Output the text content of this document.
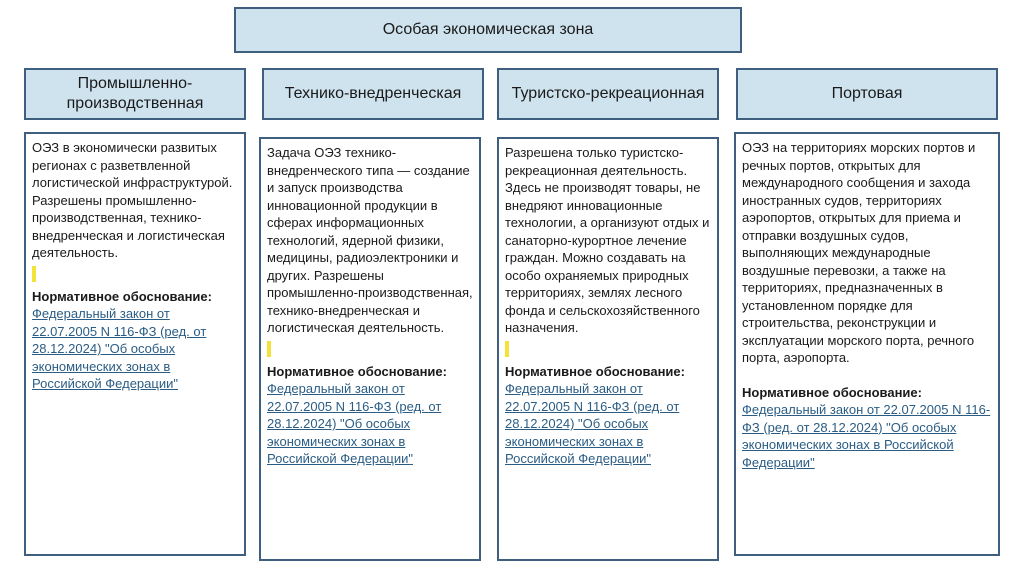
Особая экономическая зона
Промышленно-производственная
Технико-внедренческая	Туристско-рекреационная	Портовая
ОЭЗ в экономически развитых регионах с разветвленной логистической инфраструктурой. Разрешены промышленно-производственная, технико-внедренческая и логистическая деятельность.
Нормативное обоснование:
Федеральный закон от 22.07.2005 N 116-ФЗ (ред. от 28.12.2024) "Об особых экономических зонах в Российской Федерации"
Задача ОЭЗ технико-внедренческого типа — создание и запуск производства инновационной продукции в сферах информационных технологий, ядерной физики, медицины, радиоэлектроники и других. Разрешены промышленно-производственная, технико-внедренческая и логистическая деятельность.
Нормативное обоснование:
Федеральный закон от 22.07.2005 N 116-ФЗ (ред. от 28.12.2024) "Об особых экономических зонах в Российской Федерации"
Разрешена только туристско-рекреационная деятельность. Здесь не производят товары, не внедряют инновационные технологии, а организуют отдых и санаторно-курортное лечение граждан. Можно создавать на особо охраняемых природных территориях, землях лесного фонда и сельскохозяйственного назначения.
Нормативное обоснование:
Федеральный закон от 22.07.2005 N 116-ФЗ (ред. от 28.12.2024) "Об особых экономических зонах в Российской Федерации"
ОЭЗ на территориях морских портов и речных портов, открытых для международного сообщения и захода иностранных судов, территориях аэропортов, открытых для приема и отправки воздушных судов, выполняющих международные воздушные перевозки, а также на территориях, предназначенных в установленном порядке для строительства, реконструкции и эксплуатации морского порта, речного порта, аэропорта.
Нормативное обоснование:
Федеральный закон от 22.07.2005 N 116-ФЗ (ред. от 28.12.2024) "Об особых экономических зонах в Российской Федерации"
